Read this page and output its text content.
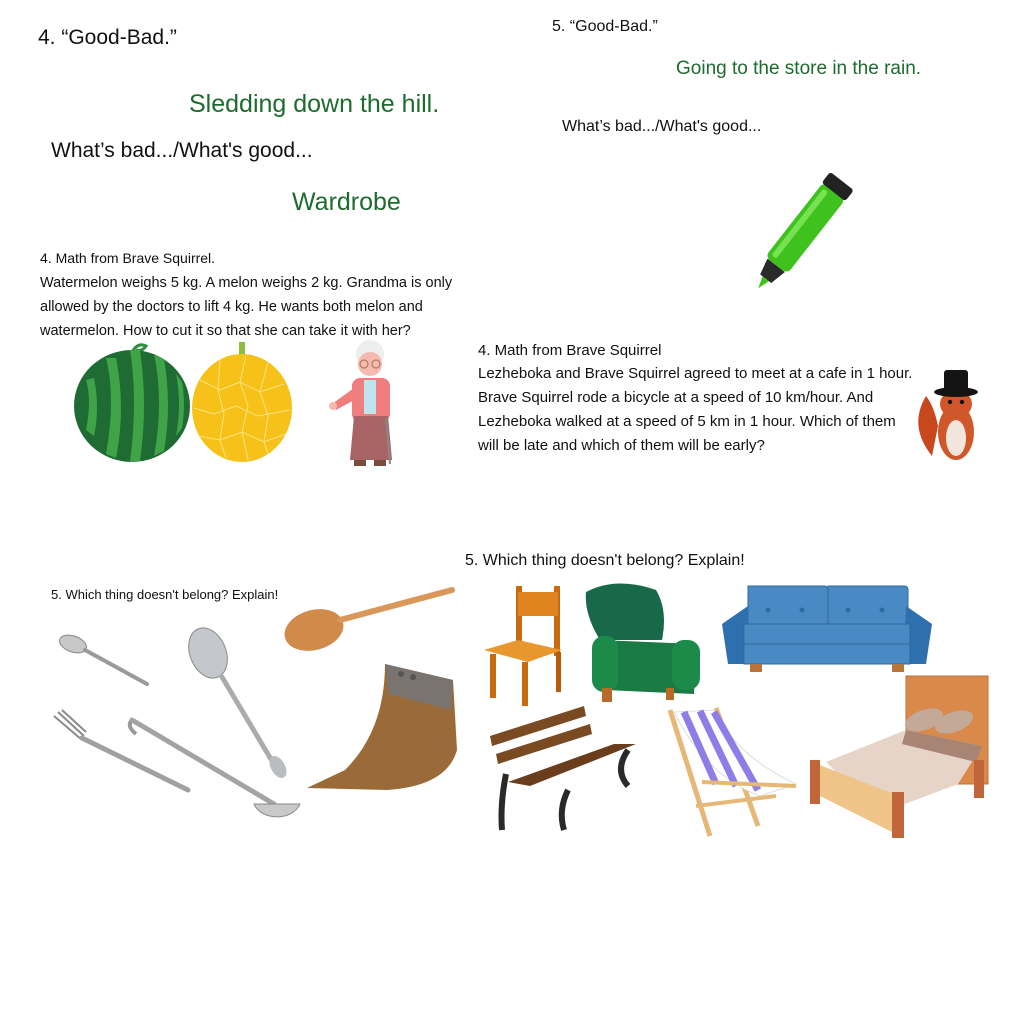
4. “Good-Bad.”
Sledding down the hill.
What’s bad.../What's good...
Wardrobe
5. “Good-Bad.”
Going to the store in the rain.
What’s bad.../What's good...
4. Math from Brave Squirrel.
Watermelon weighs 5 kg. A melon weighs 2 kg. Grandma is only allowed by the doctors to lift 4 kg. He wants both melon and watermelon. How to cut it so that she can take it with her?
4. Math from Brave Squirrel
Lezheboka and Brave Squirrel agreed to meet at a cafe in 1 hour. Brave Squirrel rode a bicycle at a speed of 10 km/hour. And Lezheboka walked at a speed of 5 km in 1 hour. Which of them will be late and which of them will be early?
5. Which thing doesn't belong? Explain!
5. Which thing doesn't belong? Explain!
